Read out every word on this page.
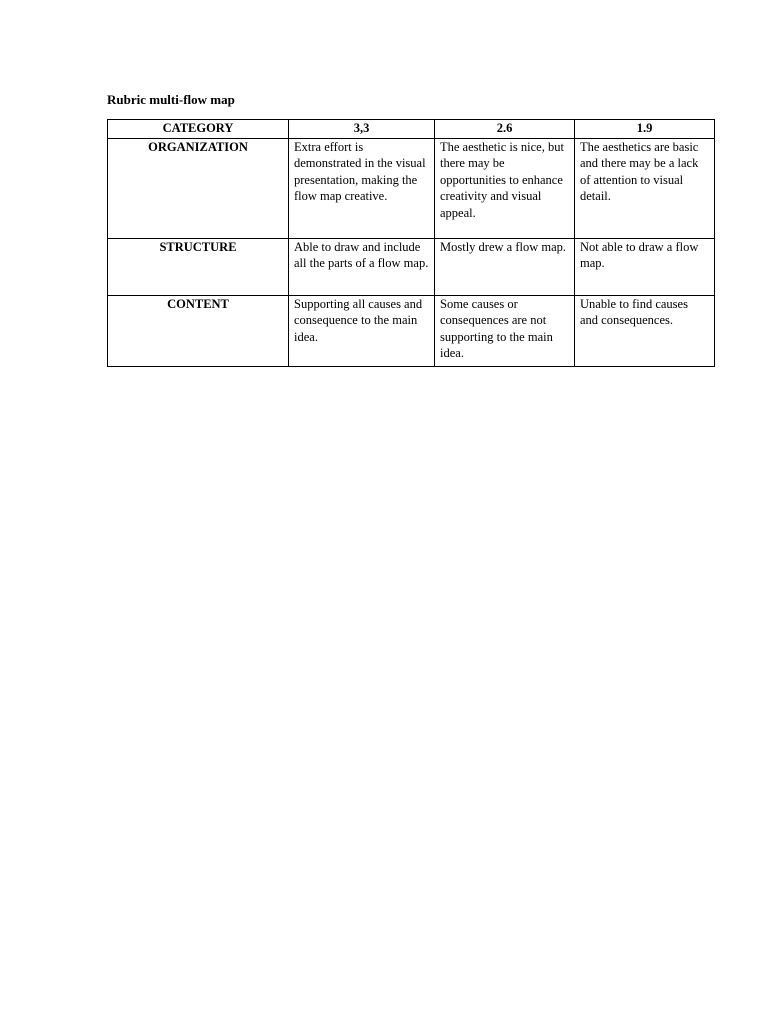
Rubric multi-flow map
CATEGORY	3,3	2.6	1.9
ORGANIZATION	Extra effort is demonstrated in the visual presentation, making the flow map creative.	The aesthetic is nice, but there may be opportunities to enhance creativity and visual appeal.	The aesthetics are basic and there may be a lack of attention to visual detail.
STRUCTURE	Able to draw and include all the parts of a flow map.	Mostly drew a flow map.	Not able to draw a flow map.
CONTENT	Supporting all causes and consequence to the main idea.	Some causes or consequences are not supporting to the main idea.	Unable to find causes and consequences.
